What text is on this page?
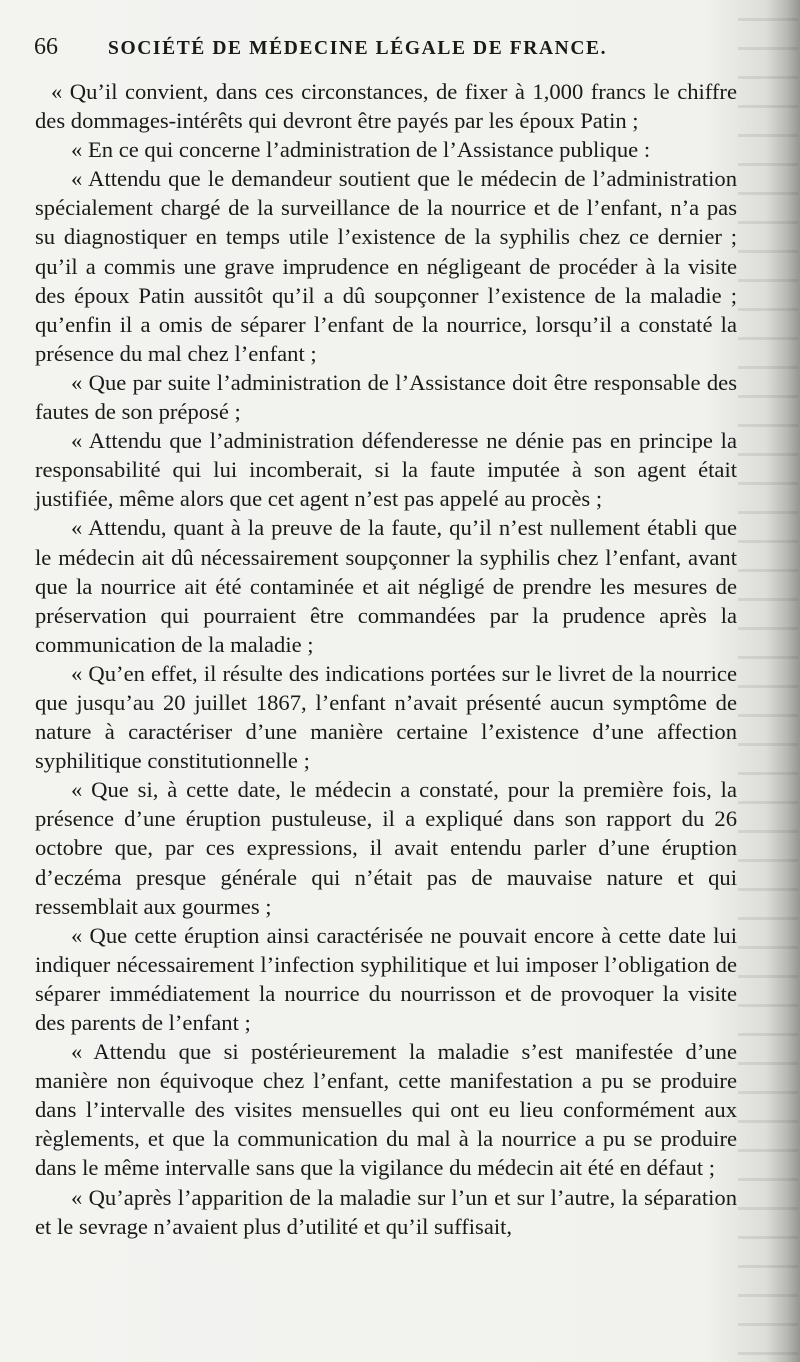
66	SOCIÉTÉ DE MÉDECINE LÉGALE DE FRANCE.

« Qu’il convient, dans ces circonstances, de fixer à 1,000 francs le chiffre des dommages-intérêts qui devront être payés par les époux Patin ;

« En ce qui concerne l’administration de l’Assistance publique :

« Attendu que le demandeur soutient que le médecin de l’administration spécialement chargé de la surveillance de la nourrice et de l’enfant, n’a pas su diagnostiquer en temps utile l’existence de la syphilis chez ce dernier ; qu’il a commis une grave imprudence en négligeant de procéder à la visite des époux Patin aussitôt qu’il a dû soupçonner l’existence de la maladie ; qu’enfin il a omis de séparer l’enfant de la nourrice, lorsqu’il a constaté la présence du mal chez l’enfant ;

« Que par suite l’administration de l’Assistance doit être responsable des fautes de son préposé ;

« Attendu que l’administration défenderesse ne dénie pas en principe la responsabilité qui lui incomberait, si la faute imputée à son agent était justifiée, même alors que cet agent n’est pas appelé au procès ;

« Attendu, quant à la preuve de la faute, qu’il n’est nullement établi que le médecin ait dû nécessairement soupçonner la syphilis chez l’enfant, avant que la nourrice ait été contaminée et ait négligé de prendre les mesures de préservation qui pourraient être commandées par la prudence après la communication de la maladie ;

« Qu’en effet, il résulte des indications portées sur le livret de la nourrice que jusqu’au 20 juillet 1867, l’enfant n’avait présenté aucun symptôme de nature à caractériser d’une manière certaine l’existence d’une affection syphilitique constitutionnelle ;

« Que si, à cette date, le médecin a constaté, pour la première fois, la présence d’une éruption pustuleuse, il a expliqué dans son rapport du 26 octobre que, par ces expressions, il avait entendu parler d’une éruption d’eczéma presque générale qui n’était pas de mauvaise nature et qui ressemblait aux gourmes ;

« Que cette éruption ainsi caractérisée ne pouvait encore à cette date lui indiquer nécessairement l’infection syphilitique et lui imposer l’obligation de séparer immédiatement la nourrice du nourrisson et de provoquer la visite des parents de l’enfant ;

« Attendu que si postérieurement la maladie s’est manifestée d’une manière non équivoque chez l’enfant, cette manifestation a pu se produire dans l’intervalle des visites mensuelles qui ont eu lieu conformément aux règlements, et que la communication du mal à la nourrice a pu se produire dans le même intervalle sans que la vigilance du médecin ait été en défaut ;

« Qu’après l’apparition de la maladie sur l’un et sur l’autre, la séparation et le sevrage n’avaient plus d’utilité et qu’il suffisait,
